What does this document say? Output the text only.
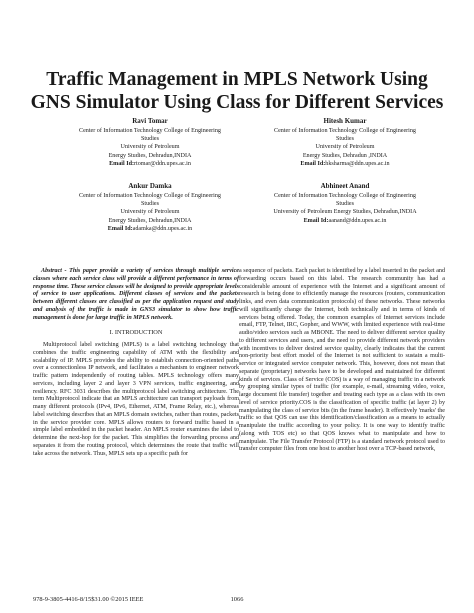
Traffic Management in MPLS Network Using
GNS Simulator Using Class for Different Services
Ravi Tomar
Center of Information Technology College of Engineering
Studies
University of Petroleum
Energy Studies, Dehradun,INDIA
Email Id:rtomar@ddn.upes.ac.in
Hitesh Kumar
Center of Information Technology College of Engineering
Studies
University of Petroleum
Energy Studies, Dehradun ,INDIA
Email Id:hksharma@ddn.upes.ac.in
Ankur Damka
Center of Information Technology College of Engineering
Studies
University of Petroleum
Energy Studies, Dehradun,INDIA
Email Id:adamka@ddn.upes.ac.in
Abhineet Anand
Center of Information Technology College of Engineering
Studies
University of Petroleum Energy Studies, Dehradun,INDIA
Email Id:aanand@ddn.upes.ac.in

Abstract - This paper provide a variety of services through multiple service classes where each service class will provide a different performance in terms of response time. These service classes will be designed to provide appropriate levels of service to user applications. Different classes of services and the packets between different classes are classified as per the application request and study and analysis of the traffic is made in GNS3 simulator to show how traffic management is done for large traffic in MPLS network.

I. INTRODUCTION

Multiprotocol label switching (MPLS) is a label switching technology that combines the traffic engineering capability of ATM with the flexibility and scalability of IP. MPLS provides the ability to establish connection-oriented paths over a connectionless IP network, and facilitates a mechanism to engineer network traffic pattern independently of routing tables. MPLS technology offers many services, including layer 2 and layer 3 VPN services, traffic engineering, and resiliency. RFC 3031 describes the multiprotocol label switching architecture. The term Multiprotocol indicate that an MPLS architecture can transport payloads from many different protocols (IPv4, IPv6, Ethernet, ATM, Frame Relay, etc.), whereas label switching describes that an MPLS domain switches, rather than routes, packets in the service provider core. MPLS allows routers to forward traffic based in a simple label embedded in the packet header. An MPLS router examines the label to determine the next-hop for the packet. This simplifies the forwarding process and separates it from the routing protocol, which determines the route that traffic will take across the network. Thus, MPLS sets up a specific path for

a sequence of packets. Each packet is identified by a label inserted in the packet and forwarding occurs based on this label. The research community has had a considerable amount of experience with the Internet and a significant amount of research is being done to efficiently manage the resources (routers, communication links, and even data communication protocols) of these networks. These networks will significantly change the Internet, both technically and in terms of kinds of services being offered. Today, the common examples of Internet services include email, FTP, Telnet, IRC, Gopher, and WWW, with limited experience with real-time audio/video services such as MBONE. The need to deliver different service quality to different services and users, and the need to provide different network providers with incentives to deliver desired service quality, clearly indicates that the current non-priority best effort model of the Internet is not sufficient to sustain a multi-service or integrated service computer network. This, however, does not mean that separate (proprietary) networks have to be developed and maintained for different kinds of services. Class of Service (COS) is a way of managing traffic in a network by grouping similar types of traffic (for example, e-mail, streaming video, voice, large document file transfer) together and treating each type as a class with its own level of service priority.COS is the classification of specific traffic (at layer 2) by manipulating the class of service bits (in the frame header). It effectively 'marks' the traffic so that QOS can use this identification/classification as a means to actually manipulate the traffic according to your policy. It is one way to identify traffic (along with TOS etc) so that QOS knows what to manipulate and how to manipulate. The File Transfer Protocol (FTP) is a standard network protocol used to transfer computer files from one host to another host over a TCP-based network,

978-9-3805-4416-8/15$31.00 ©2015 IEEE	1066
